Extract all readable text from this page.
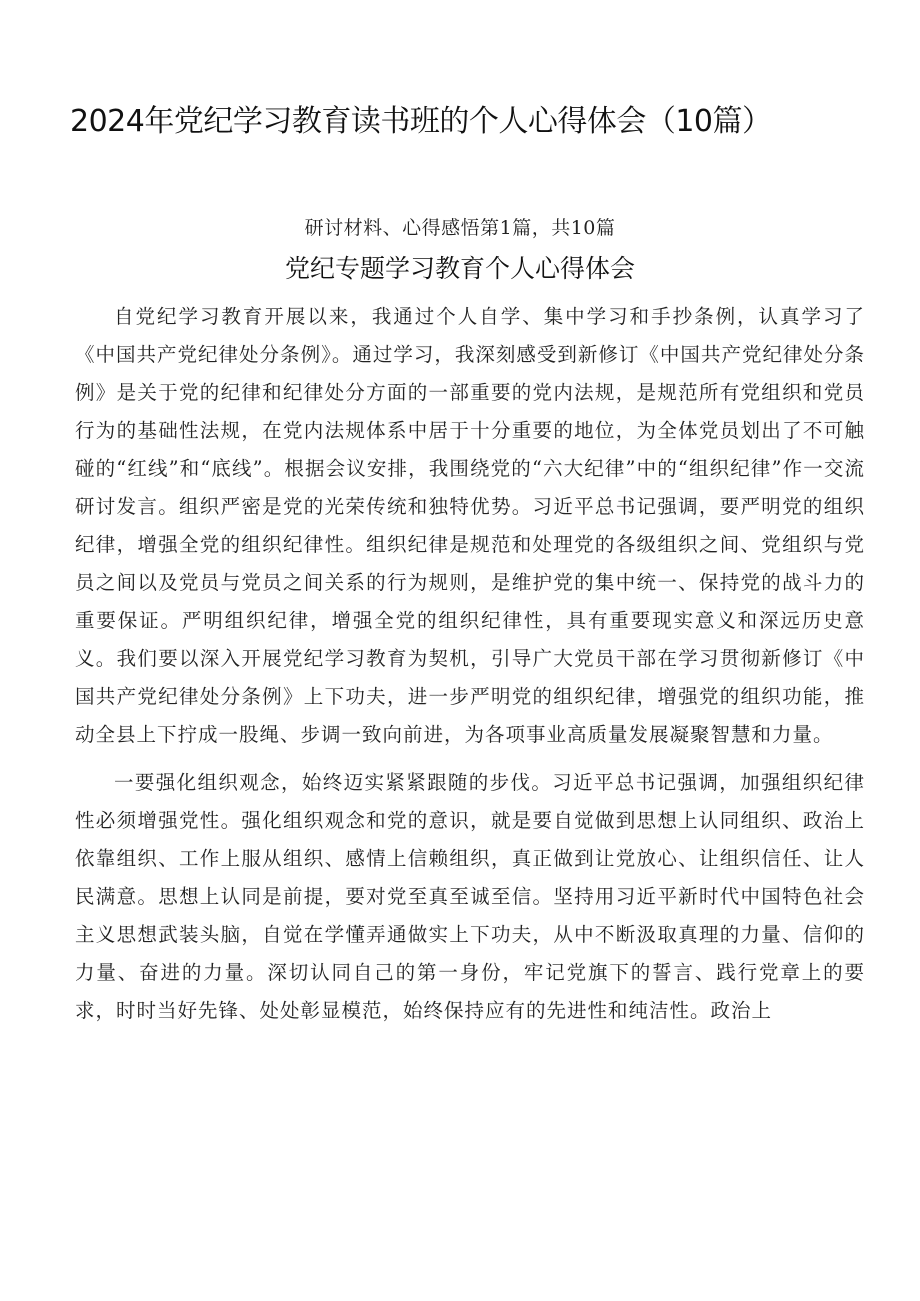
2024年党纪学习教育读书班的个人心得体会（10篇）
研讨材料、心得感悟第1篇，共10篇
党纪专题学习教育个人心得体会

自党纪学习教育开展以来，我通过个人自学、集中学习和手抄条例，认真学习了《中国共产党纪律处分条例》。通过学习，我深刻感受到新修订《中国共产党纪律处分条例》是关于党的纪律和纪律处分方面的一部重要的党内法规，是规范所有党组织和党员行为的基础性法规，在党内法规体系中居于十分重要的地位，为全体党员划出了不可触碰的“红线”和“底线”。根据会议安排，我围绕党的“六大纪律”中的“组织纪律”作一交流研讨发言。组织严密是党的光荣传统和独特优势。习近平总书记强调，要严明党的组织纪律，增强全党的组织纪律性。组织纪律是规范和处理党的各级组织之间、党组织与党员之间以及党员与党员之间关系的行为规则，是维护党的集中统一、保持党的战斗力的重要保证。严明组织纪律，增强全党的组织纪律性，具有重要现实意义和深远历史意义。我们要以深入开展党纪学习教育为契机，引导广大党员干部在学习贯彻新修订《中国共产党纪律处分条例》上下功夫，进一步严明党的组织纪律，增强党的组织功能，推动全县上下拧成一股绳、步调一致向前进，为各项事业高质量发展凝聚智慧和力量。

一要强化组织观念，始终迈实紧紧跟随的步伐。习近平总书记强调，加强组织纪律性必须增强党性。强化组织观念和党的意识，就是要自觉做到思想上认同组织、政治上依靠组织、工作上服从组织、感情上信赖组织，真正做到让党放心、让组织信任、让人民满意。思想上认同是前提，要对党至真至诚至信。坚持用习近平新时代中国特色社会主义思想武装头脑，自觉在学懂弄通做实上下功夫，从中不断汲取真理的力量、信仰的力量、奋进的力量。深切认同自己的第一身份，牢记党旗下的誓言、践行党章上的要求，时时当好先锋、处处彰显模范，始终保持应有的先进性和纯洁性。政治上
